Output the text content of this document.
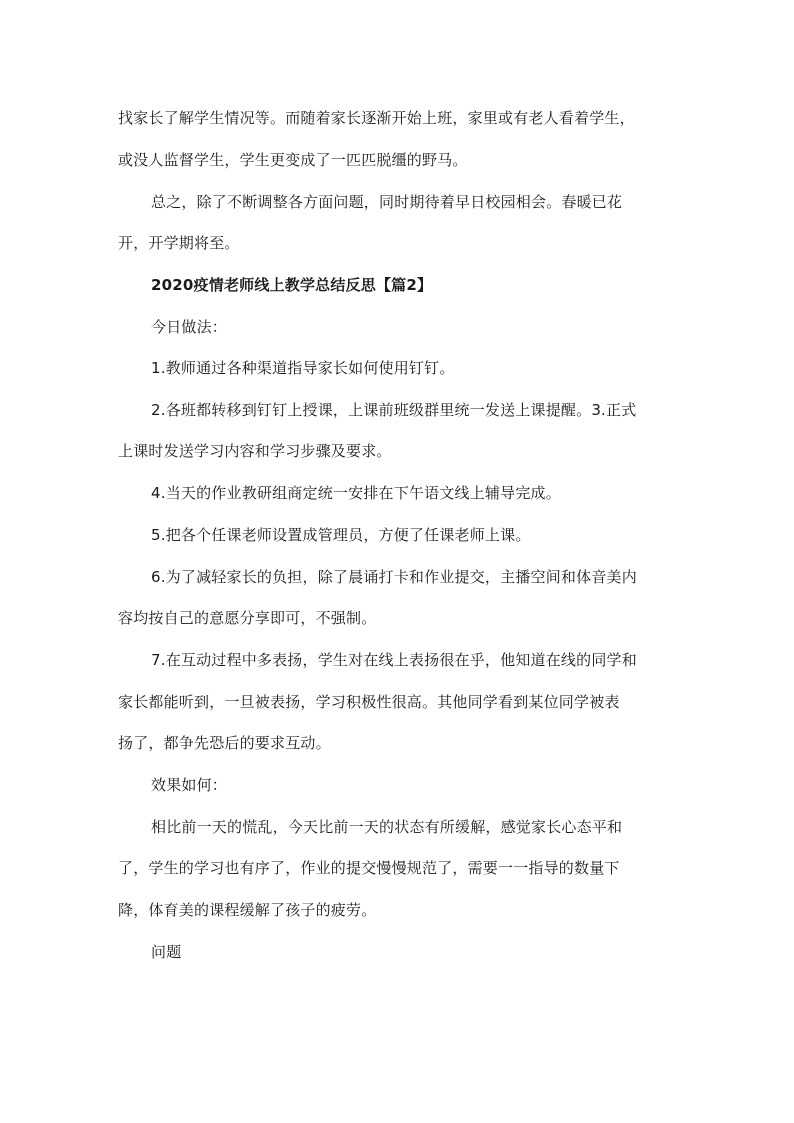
找家长了解学生情况等。而随着家长逐渐开始上班，家里或有老人看着学生，
或没人监督学生，学生更变成了一匹匹脱缰的野马。
总之，除了不断调整各方面问题，同时期待着早日校园相会。春暖已花
开，开学期将至。
2020疫情老师线上教学总结反思【篇2】
今日做法：
1.教师通过各种渠道指导家长如何使用钉钉。
2.各班都转移到钉钉上授课，上课前班级群里统一发送上课提醒。3.正式
上课时发送学习内容和学习步骤及要求。
4.当天的作业教研组商定统一安排在下午语文线上辅导完成。
5.把各个任课老师设置成管理员，方便了任课老师上课。
6.为了减轻家长的负担，除了晨诵打卡和作业提交，主播空间和体音美内
容均按自己的意愿分享即可，不强制。
7.在互动过程中多表扬，学生对在线上表扬很在乎，他知道在线的同学和
家长都能听到，一旦被表扬，学习积极性很高。其他同学看到某位同学被表
扬了，都争先恐后的要求互动。
效果如何：
相比前一天的慌乱，今天比前一天的状态有所缓解，感觉家长心态平和
了，学生的学习也有序了，作业的提交慢慢规范了，需要一一指导的数量下
降，体育美的课程缓解了孩子的疲劳。
问题
